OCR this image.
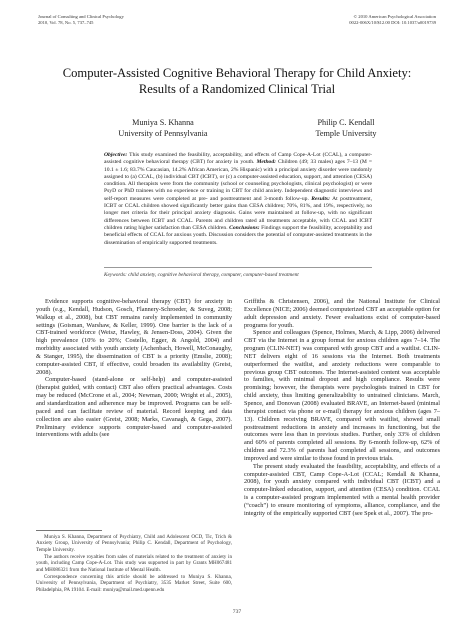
Journal of Consulting and Clinical Psychology
2010, Vol. 78, No. 5, 737–745
© 2010 American Psychological Association
0022-006X/10/$12.00 DOI: 10.1037/a0019739
Computer-Assisted Cognitive Behavioral Therapy for Child Anxiety:
Results of a Randomized Clinical Trial
Muniya S. Khanna
University of Pennsylvania
Philip C. Kendall
Temple University
Objective: This study examined the feasibility, acceptability, and effects of Camp Cope-A-Lot (CCAL), a computer-assisted cognitive behavioral therapy (CBT) for anxiety in youth. Method: Children (49; 33 males) ages 7–13 (M = 10.1 ± 1.6; 83.7% Caucasian, 14.2% African American, 2% Hispanic) with a principal anxiety disorder were randomly assigned to (a) CCAL, (b) individual CBT (ICBT), or (c) a computer-assisted education, support, and attention (CESA) condition. All therapists were from the community (school or counseling psychologists, clinical psychologist) or were PsyD or PhD trainees with no experience or training in CBT for child anxiety. Independent diagnostic interviews and self-report measures were completed at pre- and posttreatment and 3-month follow-up. Results: At posttreatment, ICBT or CCAL children showed significantly better gains than CESA children; 70%, 81%, and 19%, respectively, no longer met criteria for their principal anxiety diagnosis. Gains were maintained at follow-up, with no significant differences between ICBT and CCAL. Parents and children rated all treatments acceptable, with CCAL and ICBT children rating higher satisfaction than CESA children. Conclusions: Findings support the feasibility, acceptability and beneficial effects of CCAL for anxious youth. Discussion considers the potential of computer-assisted treatments in the dissemination of empirically supported treatments.
Keywords: child anxiety, cognitive behavioral therapy, computer, computer-based treatment

Evidence supports cognitive-behavioral therapy (CBT) for anxiety in youth (e.g., Kendall, Hudson, Gosch, Flannery-Schroeder, & Suveg, 2008; Walkup et al., 2008), but CBT remains rarely implemented in community settings (Goisman, Warshaw, & Keller, 1999). One barrier is the lack of a CBT-trained workforce (Weisz, Hawley, & Jensen-Doss, 2004). Given the high prevalence (10% to 20%; Costello, Egger, & Angold, 2004) and morbidity associated with youth anxiety (Achenbach, Howell, McConaughy, & Stanger, 1995), the dissemination of CBT is a priority (Emslie, 2008); computer-assisted CBT, if effective, could broaden its availability (Greist, 2008).

Computer-based (stand-alone or self-help) and computer-assisted (therapist guided, with contact) CBT also offers practical advantages. Costs may be reduced (McCrone et al., 2004; Newman, 2000; Wright et al., 2005), and standardization and adherence may be improved. Programs can be self-paced and can facilitate review of material. Record keeping and data collection are also easier (Greist, 2008; Marks, Cavanagh, & Gega, 2007). Preliminary evidence supports computer-based and computer-assisted interventions with adults (see

Griffiths & Christensen, 2006), and the National Institute for Clinical Excellence (NICE; 2006) deemed computerized CBT an acceptable option for adult depression and anxiety. Fewer evaluations exist of computer-based programs for youth.

Spence and colleagues (Spence, Holmes, March, & Lipp, 2006) delivered CBT via the Internet in a group format for anxious children ages 7–14. The program (CLIN-NET) was compared with group CBT and a waitlist. CLIN-NET delivers eight of 16 sessions via the Internet. Both treatments outperformed the waitlist, and anxiety reductions were comparable to previous group CBT outcomes. The Internet-assisted content was acceptable to families, with minimal dropout and high compliance. Results were promising; however, the therapists were psychologists trained in CBT for child anxiety, thus limiting generalizability to untrained clinicians. March, Spence, and Donovan (2008) evaluated BRAVE, an Internet-based (minimal therapist contact via phone or e-mail) therapy for anxious children (ages 7–13). Children receiving BRAVE, compared with waitlist, showed small posttreatment reductions in anxiety and increases in functioning, but the outcomes were less than in previous studies. Further, only 33% of children and 60% of parents completed all sessions. By 6-month follow-up, 62% of children and 72.3% of parents had completed all sessions, and outcomes improved and were similar to those found in previous trials.

The present study evaluated the feasibility, acceptability, and effects of a computer-assisted CBT, Camp Cope-A-Lot (CCAL; Kendall & Khanna, 2008), for youth anxiety compared with individual CBT (ICBT) and a computer-linked education, support, and attention (CESA) condition. CCAL is a computer-assisted program implemented with a mental health provider (“coach”) to ensure monitoring of symptoms, alliance, compliance, and the integrity of the empirically supported CBT (see Spek et al., 2007). The pro-

Muniya S. Khanna, Department of Psychiatry, Child and Adolescent OCD, Tic, Trich & Anxiety Group, University of Pennsylvania; Philip C. Kendall, Department of Psychology, Temple University.

The authors receive royalties from sales of materials related to the treatment of anxiety in youth, including Camp Cope-A-Lot. This study was supported in part by Grants MH067481 and MH086321 from the National Institute of Mental Health.

Correspondence concerning this article should be addressed to Muniya S. Khanna, University of Pennsylvania, Department of Psychiatry, 3535 Market Street, Suite 600, Philadelphia, PA 19104. E-mail: muniya@mail.med.upenn.edu

737
